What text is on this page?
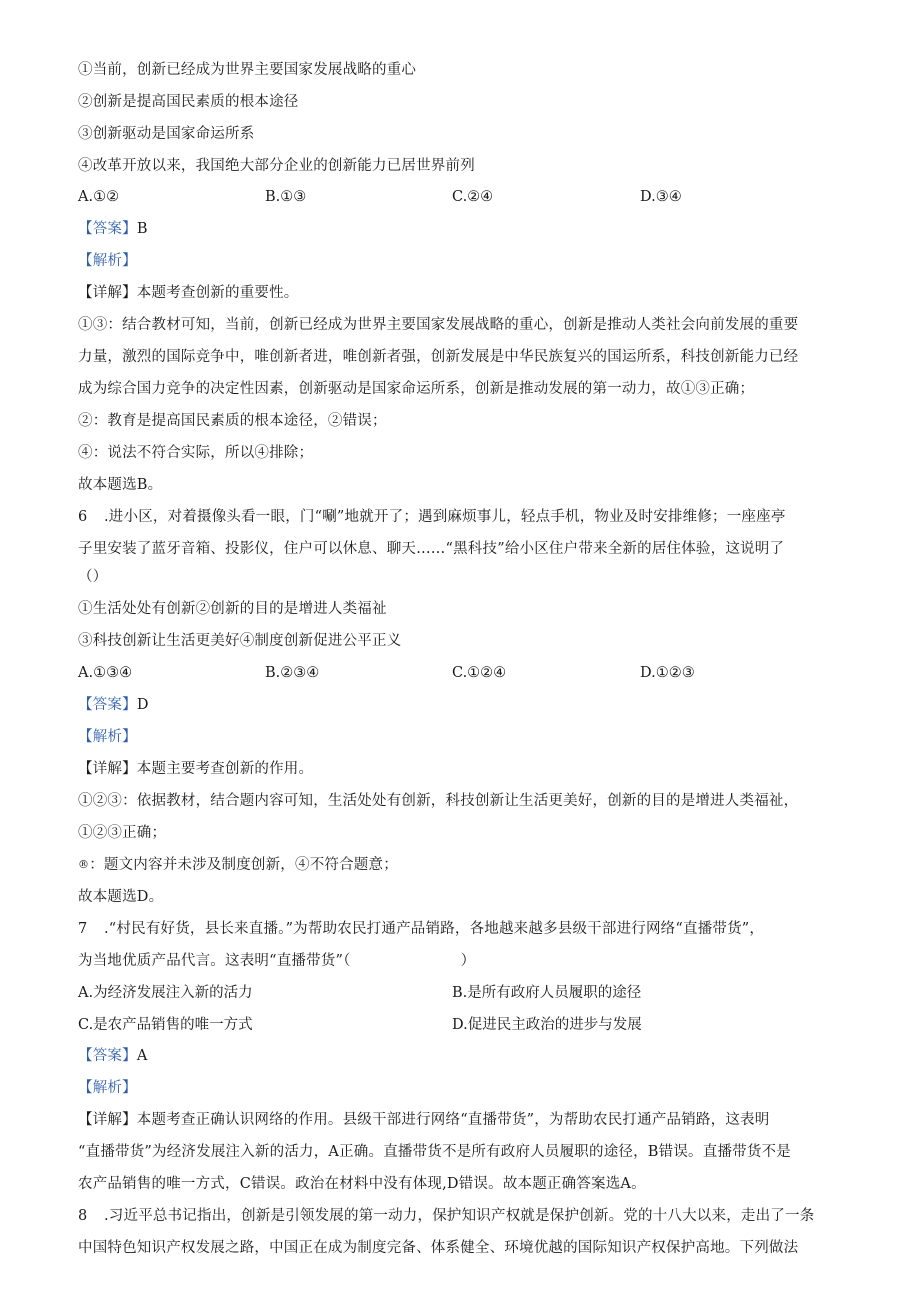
①当前，创新已经成为世界主要国家发展战略的重心
②创新是提高国民素质的根本途径
③创新驱动是国家命运所系
④改革开放以来，我国绝大部分企业的创新能力已居世界前列
A.①②	B.①③	C.②④	D.③④
【答案】B
【解析】
【详解】本题考查创新的重要性。
①③：结合教材可知，当前，创新已经成为世界主要国家发展战略的重心，创新是推动人类社会向前发展的重要
力量，激烈的国际竞争中，唯创新者进，唯创新者强，创新发展是中华民族复兴的国运所系，科技创新能力已经
成为综合国力竞争的决定性因素，创新驱动是国家命运所系，创新是推动发展的第一动力，故①③正确；
②：教育是提高国民素质的根本途径，②错误；
④：说法不符合实际，所以④排除；
故本题选B。
6 .进小区，对着摄像头看一眼，门“唰”地就开了；遇到麻烦事儿，轻点手机，物业及时安排维修；一座座亭
子里安装了蓝牙音箱、投影仪，住户可以休息、聊天……“黑科技”给小区住户带来全新的居住体验，这说明了
（）
①生活处处有创新②创新的目的是增进人类福祉
③科技创新让生活更美好④制度创新促进公平正义
A.①③④	B.②③④	C.①②④	D.①②③
【答案】D
【解析】
【详解】本题主要考查创新的作用。
①②③：依据教材，结合题内容可知，生活处处有创新，科技创新让生活更美好，创新的目的是增进人类福祉，
①②③正确；
®：题文内容并未涉及制度创新，④不符合题意；
故本题选D。
7 .“村民有好货，县长来直播。”为帮助农民打通产品销路，各地越来越多县级干部进行网络“直播带货”，
为当地优质产品代言。这表明“直播带货”（	）
A.为经济发展注入新的活力	B.是所有政府人员履职的途径
C.是农产品销售的唯一方式	D.促进民主政治的进步与发展
【答案】A
【解析】
【详解】本题考查正确认识网络的作用。县级干部进行网络“直播带货”，为帮助农民打通产品销路，这表明
“直播带货”为经济发展注入新的活力，A正确。直播带货不是所有政府人员履职的途径，B错误。直播带货不是
农产品销售的唯一方式，C错误。政治在材料中没有体现,D错误。故本题正确答案选A。
8 .习近平总书记指出，创新是引领发展的第一动力，保护知识产权就是保护创新。党的十八大以来，走出了一条
中国特色知识产权发展之路，中国正在成为制度完备、体系健全、环境优越的国际知识产权保护高地。下列做法
